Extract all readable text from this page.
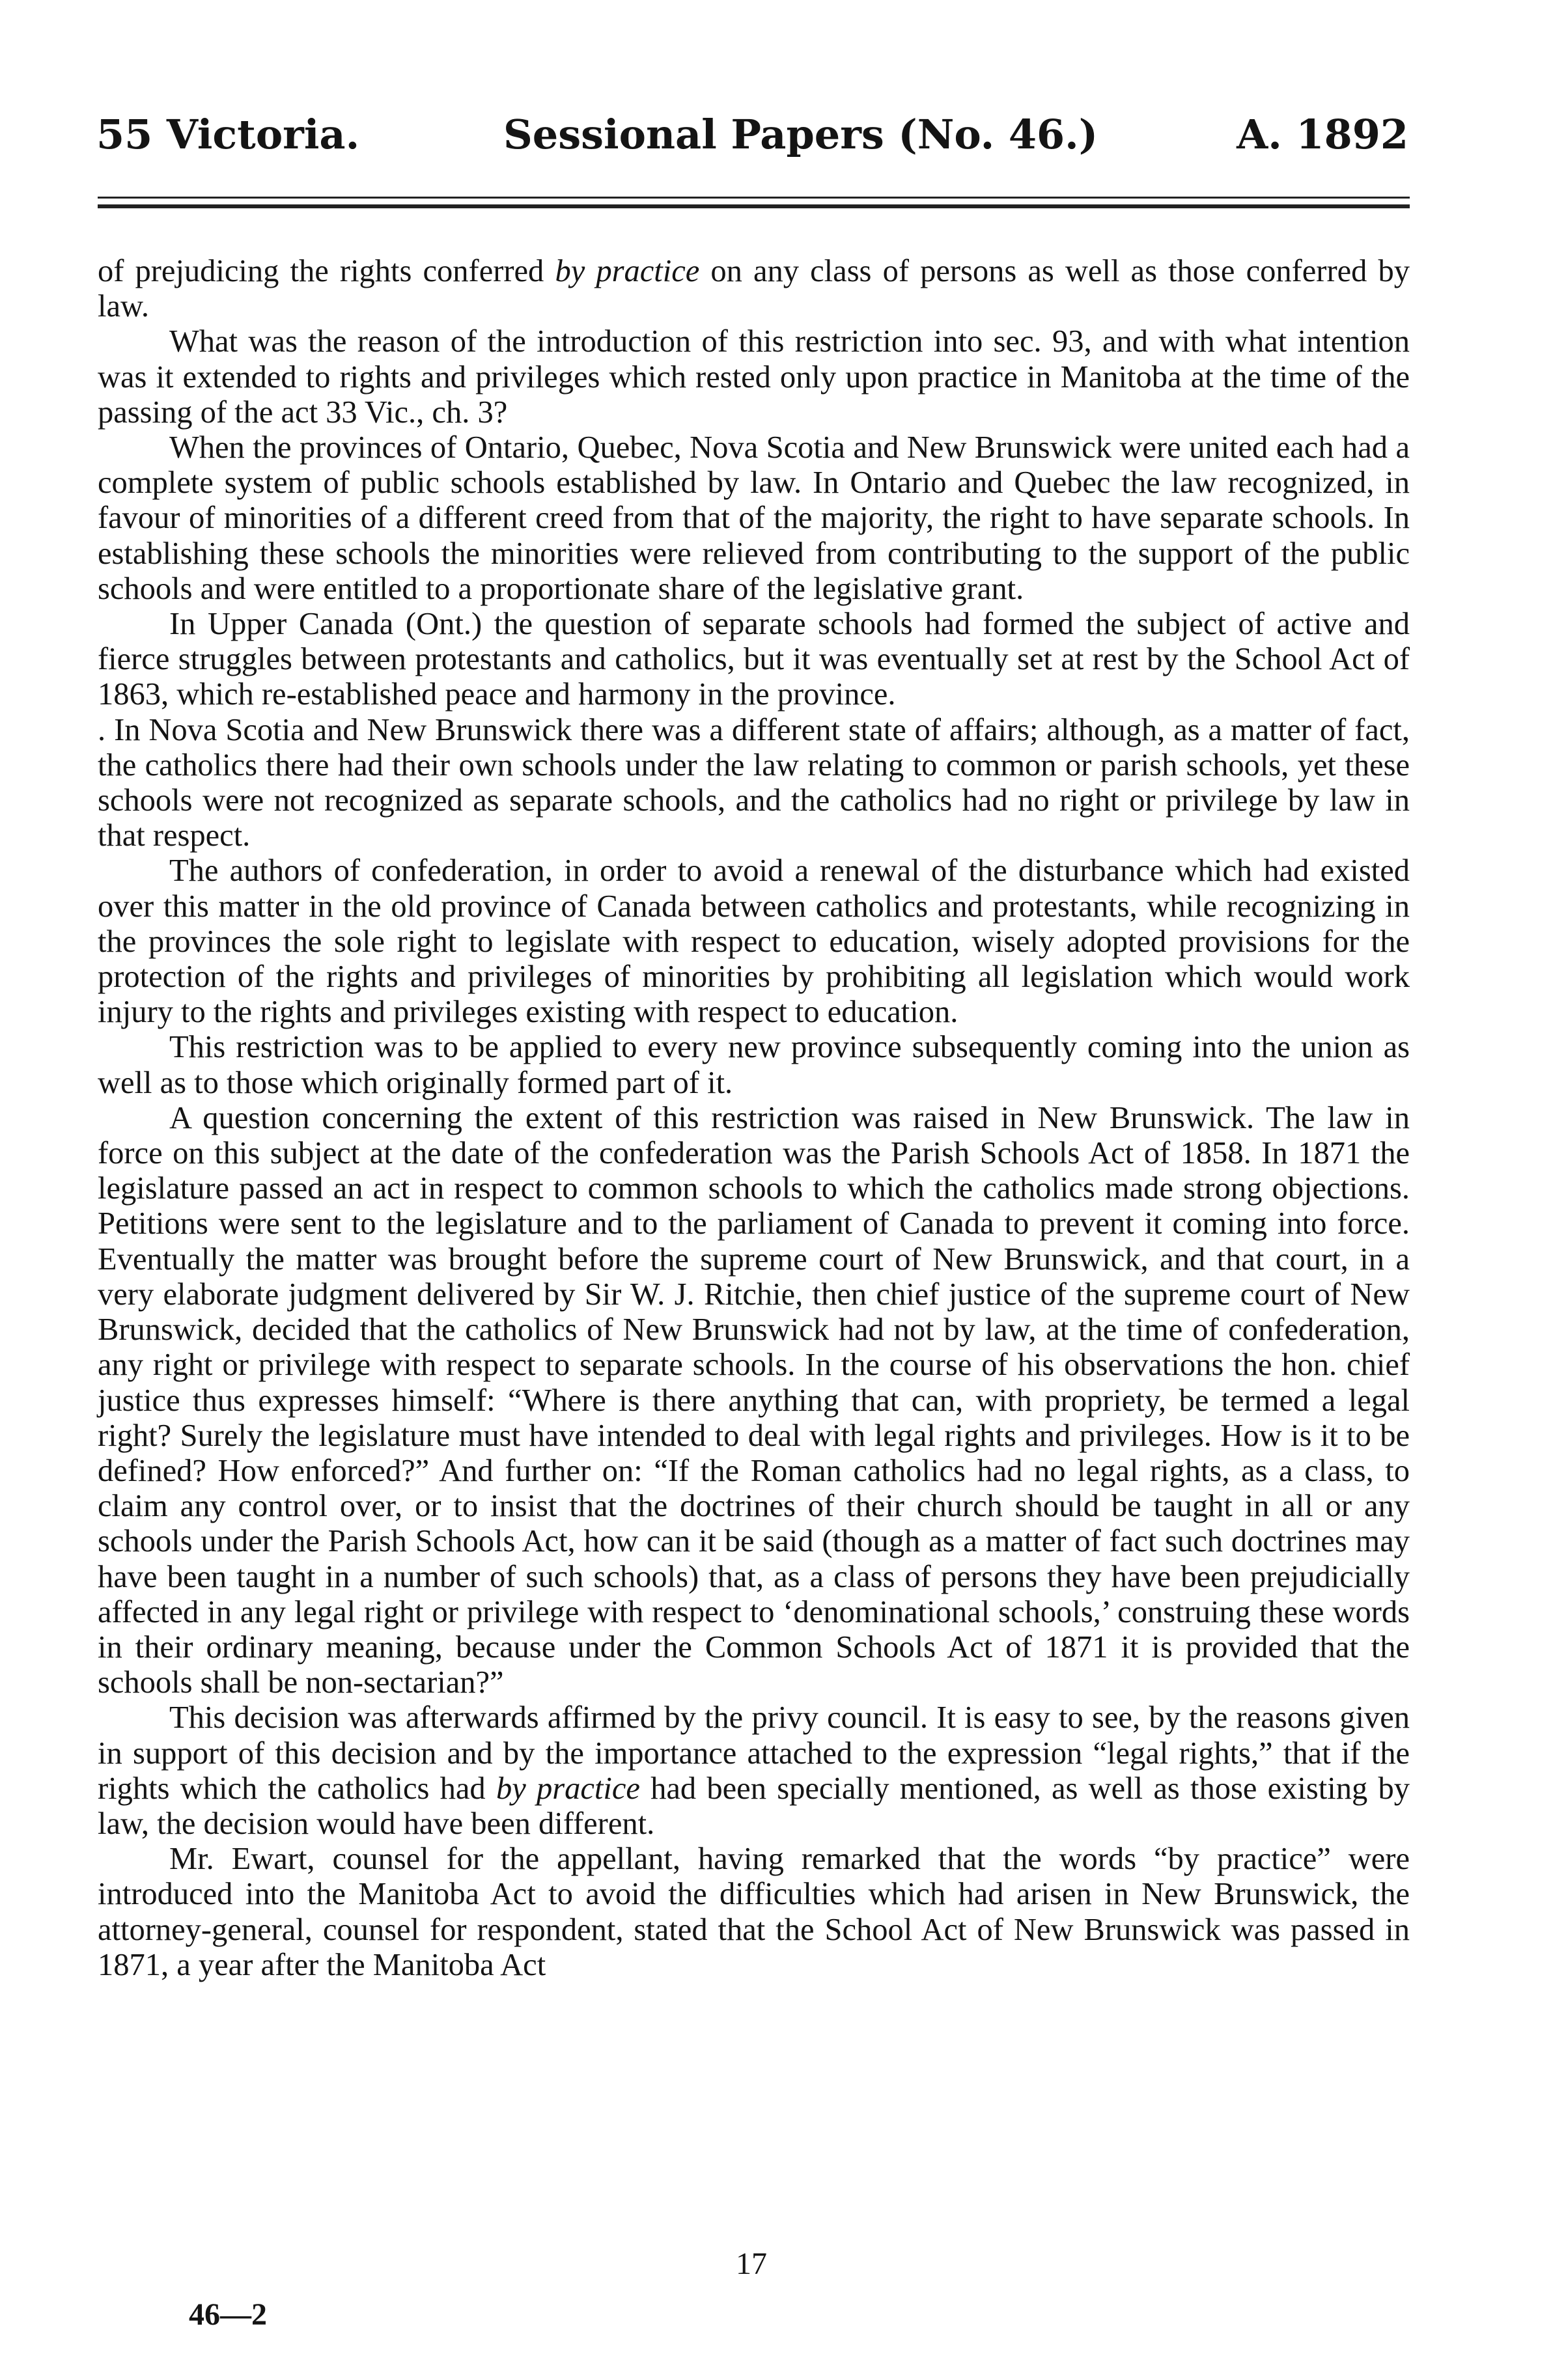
55 Victoria.	Sessional Papers (No. 46.)	A. 1892

of prejudicing the rights conferred by practice on any class of persons as well as those conferred by law.

What was the reason of the introduction of this restriction into sec. 93, and with what intention was it extended to rights and privileges which rested only upon practice in Manitoba at the time of the passing of the act 33 Vic., ch. 3?

When the provinces of Ontario, Quebec, Nova Scotia and New Brunswick were united each had a complete system of public schools established by law. In Ontario and Quebec the law recognized, in favour of minorities of a different creed from that of the majority, the right to have separate schools. In establishing these schools the minorities were relieved from contributing to the support of the public schools and were entitled to a proportionate share of the legislative grant.

In Upper Canada (Ont.) the question of separate schools had formed the subject of active and fierce struggles between protestants and catholics, but it was eventually set at rest by the School Act of 1863, which re-established peace and harmony in the province.

. In Nova Scotia and New Brunswick there was a different state of affairs; although, as a matter of fact, the catholics there had their own schools under the law relating to common or parish schools, yet these schools were not recognized as separate schools, and the catholics had no right or privilege by law in that respect.

The authors of confederation, in order to avoid a renewal of the disturbance which had existed over this matter in the old province of Canada between catholics and protestants, while recognizing in the provinces the sole right to legislate with respect to education, wisely adopted provisions for the protection of the rights and privileges of minorities by prohibiting all legislation which would work injury to the rights and privileges existing with respect to education.

This restriction was to be applied to every new province subsequently coming into the union as well as to those which originally formed part of it.

A question concerning the extent of this restriction was raised in New Brunswick. The law in force on this subject at the date of the confederation was the Parish Schools Act of 1858. In 1871 the legislature passed an act in respect to common schools to which the catholics made strong objections. Petitions were sent to the legislature and to the parliament of Canada to prevent it coming into force. Eventually the matter was brought before the supreme court of New Brunswick, and that court, in a very elaborate judgment delivered by Sir W. J. Ritchie, then chief justice of the supreme court of New Brunswick, decided that the catholics of New Brunswick had not by law, at the time of confederation, any right or privilege with respect to separate schools. In the course of his observations the hon. chief justice thus expresses himself: “Where is there anything that can, with propriety, be termed a legal right? Surely the legislature must have intended to deal with legal rights and privileges. How is it to be defined? How enforced?” And further on: “If the Roman catholics had no legal rights, as a class, to claim any control over, or to insist that the doctrines of their church should be taught in all or any schools under the Parish Schools Act, how can it be said (though as a matter of fact such doctrines may have been taught in a number of such schools) that, as a class of persons they have been prejudicially affected in any legal right or privilege with respect to ‘denominational schools,’ construing these words in their ordinary meaning, because under the Common Schools Act of 1871 it is provided that the schools shall be non-sectarian?”

This decision was afterwards affirmed by the privy council. It is easy to see, by the reasons given in support of this decision and by the importance attached to the expression “legal rights,” that if the rights which the catholics had by practice had been specially mentioned, as well as those existing by law, the decision would have been different.

Mr. Ewart, counsel for the appellant, having remarked that the words “by practice” were introduced into the Manitoba Act to avoid the difficulties which had arisen in New Brunswick, the attorney-general, counsel for respondent, stated that the School Act of New Brunswick was passed in 1871, a year after the Manitoba Act

17
46—2
